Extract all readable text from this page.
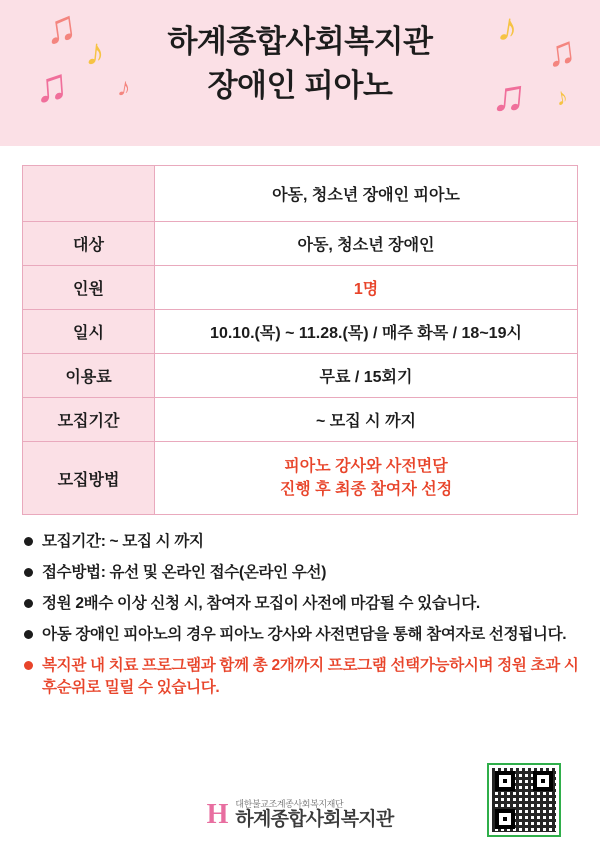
♫ ♪
♫ ♪
♪
♫
♫ ♪
하계종합사회복지관
장애인 피아노
	아동, 청소년 장애인 피아노
대상	아동, 청소년 장애인
인원	1명
일시	10.10.(목) ~ 11.28.(목) / 매주 화목 / 18~19시
이용료	무료 / 15회기
모집기간	~ 모집 시 까지
모집방법	피아노 강사와 사전면담
진행 후 최종 참여자 선정
모집기간: ~ 모집 시 까지
접수방법: 유선 및 온라인 접수(온라인 우선)
정원 2배수 이상 신청 시, 참여자 모집이 사전에 마감될 수 있습니다.
아동 장애인 피아노의 경우 피아노 강사와 사전면담을 통해 참여자로 선정됩니다.
복지관 내 치료 프로그램과 함께 총 2개까지 프로그램 선택가능하시며 정원 초과 시 후순위로 밀릴 수 있습니다.
H 대한불교조계종사회복지재단
하계종합사회복지관
